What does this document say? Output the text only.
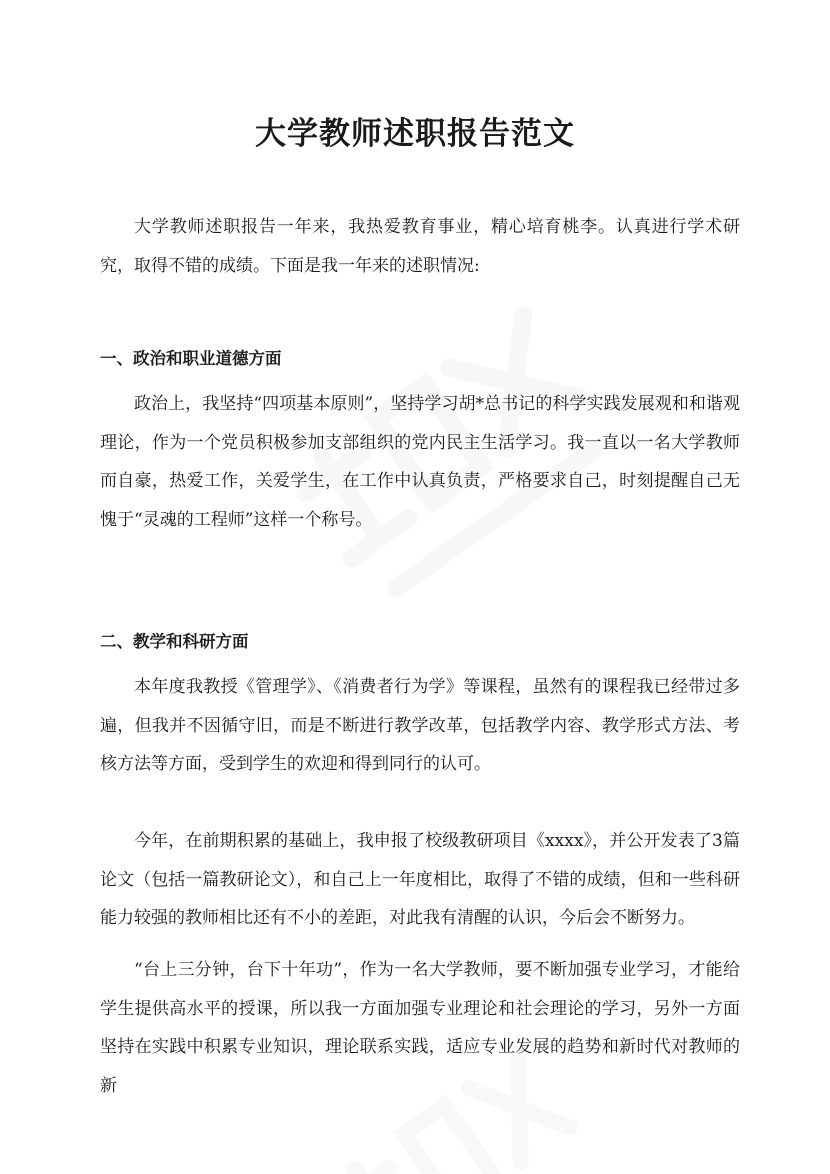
大学教师述职报告范文

大学教师述职报告一年来，我热爱教育事业，精心培育桃李。认真进行学术研究，取得不错的成绩。下面是我一年来的述职情况:

一、政治和职业道德方面

政治上，我坚持“四项基本原则”，坚持学习胡*总书记的科学实践发展观和和谐观理论，作为一个党员积极参加支部组织的党内民主生活学习。我一直以一名大学教师而自豪，热爱工作，关爱学生，在工作中认真负责，严格要求自己，时刻提醒自己无愧于“灵魂的工程师”这样一个称号。

二、教学和科研方面

本年度我教授《管理学》、《消费者行为学》等课程，虽然有的课程我已经带过多遍，但我并不因循守旧，而是不断进行教学改革，包括教学内容、教学形式方法、考核方法等方面，受到学生的欢迎和得到同行的认可。

今年，在前期积累的基础上，我申报了校级教研项目《xxxx》，并公开发表了3篇论文（包括一篇教研论文），和自己上一年度相比，取得了不错的成绩，但和一些科研能力较强的教师相比还有不小的差距，对此我有清醒的认识，今后会不断努力。

“台上三分钟，台下十年功”，作为一名大学教师，要不断加强专业学习，才能给学生提供高水平的授课，所以我一方面加强专业理论和社会理论的学习，另外一方面坚持在实践中积累专业知识，理论联系实践，适应专业发展的趋势和新时代对教师的新
